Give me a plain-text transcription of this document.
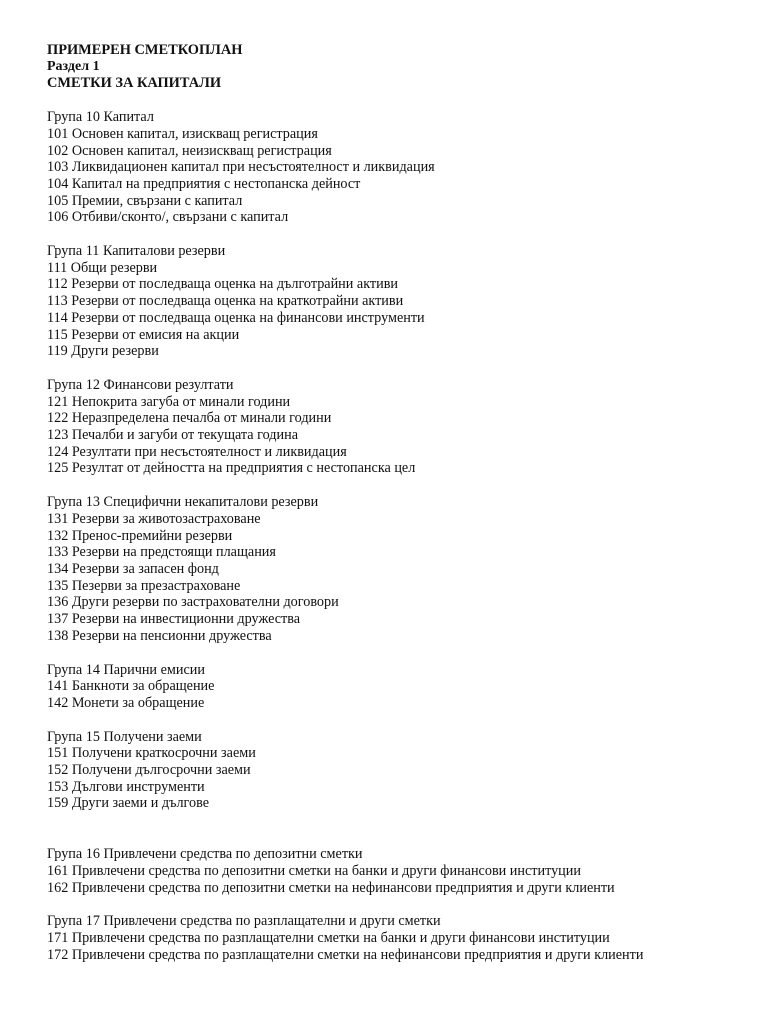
ПРИМЕРЕН СМЕТКОПЛАН

Раздел 1

СМЕТКИ ЗА КАПИТАЛИ

Група 10 Капитал

101 Основен капитал, изискващ регистрация

102 Основен капитал, неизискващ регистрация

103 Ликвидационен капитал при несъстоятелност и ликвидация

104 Капитал на предприятия с нестопанска дейност

105 Премии, свързани с капитал

106 Отбиви/сконто/, свързани с капитал

Група 11 Капиталови резерви

111 Общи резерви

112 Резерви от последваща оценка на дълготрайни активи

113 Резерви от последваща оценка на краткотрайни активи

114 Резерви от последваща оценка на финансови инструменти

115 Резерви от емисия на акции

119 Други резерви

Група 12 Финансови резултати

121 Непокрита загуба от минали години

122 Неразпределена печалба от минали години

123 Печалби и загуби от текущата година

124 Резултати при несъстоятелност и ликвидация

125 Резултат от дейността на предприятия с нестопанска цел

Група 13 Специфични некапиталови резерви

131 Резерви за животозастраховане

132 Пренос-премийни резерви

133 Резерви на предстоящи плащания

134 Резерви за запасен фонд

135 Пезерви за презастраховане

136 Други резерви по застрахователни договори

137 Резерви на инвестиционни дружества

138 Резерви на пенсионни дружества

Група 14 Парични емисии

141 Банкноти за обращение

142 Монети за обращение

Група 15 Получени заеми

151 Получени краткосрочни заеми

152 Получени дългосрочни заеми

153 Дългови инструменти

159 Други заеми и дългове

Група 16 Привлечени средства по депозитни сметки

161 Привлечени средства по депозитни сметки на банки и други финансови институции

162 Привлечени средства по депозитни сметки на нефинансови предприятия и други клиенти

Група 17 Привлечени средства по разплащателни и други сметки

171 Привлечени средства по разплащателни сметки на банки и други финансови институции

172 Привлечени средства по разплащателни сметки на нефинансови предприятия и други клиенти
